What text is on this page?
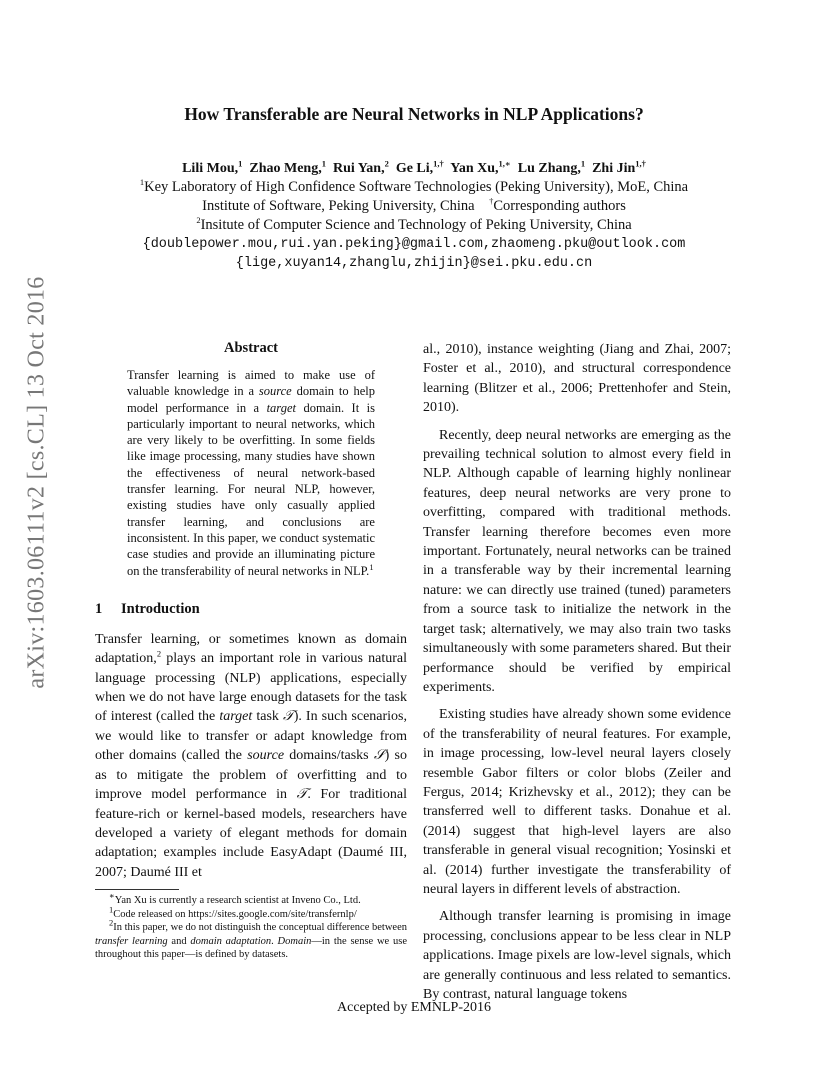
arXiv:1603.06111v2 [cs.CL] 13 Oct 2016
How Transferable are Neural Networks in NLP Applications?
Lili Mou,$^1$ Zhao Meng,$^1$ Rui Yan,$^2$ Ge Li,$^{1,\dagger}$ Yan Xu,$^{1,∗}$ Lu Zhang,$^1$ Zhi Jin$^{1,\dagger}$
$^1$Key Laboratory of High Confidence Software Technologies (Peking University), MoE, China
Institute of Software, Peking University, China †Corresponding authors
$^2$Insitute of Computer Science and Technology of Peking University, China
{doublepower.mou,rui.yan.peking}@gmail.com,zhaomeng.pku@outlook.com
{lige,xuyan14,zhanglu,zhijin}@sei.pku.edu.cn
Abstract
Transfer learning is aimed to make use of valuable knowledge in a source domain to help model performance in a target domain. It is particularly important to neural networks, which are very likely to be overfitting. In some fields like image processing, many studies have shown the effectiveness of neural network-based transfer learning. For neural NLP, however, existing studies have only casually applied transfer learning, and conclusions are inconsistent. In this paper, we conduct systematic case studies and provide an illuminating picture on the transferability of neural networks in NLP.$^1$
1 Introduction

Transfer learning, or sometimes known as domain adaptation,$^2$ plays an important role in various natural language processing (NLP) applications, especially when we do not have large enough datasets for the task of interest (called the target task 𝒯). In such scenarios, we would like to transfer or adapt knowledge from other domains (called the source domains/tasks 𝒮) so as to mitigate the problem of overfitting and to improve model performance in 𝒯. For traditional feature-rich or kernel-based models, researchers have developed a variety of elegant methods for domain adaptation; examples include EasyAdapt (Daumé III, 2007; Daumé III et

∗Yan Xu is currently a research scientist at Inveno Co., Ltd.

$^1$Code released on https://sites.google.com/site/transfernlp/

$^2$In this paper, we do not distinguish the conceptual difference between transfer learning and domain adaptation. Domain—in the sense we use throughout this paper—is defined by datasets.

al., 2010), instance weighting (Jiang and Zhai, 2007; Foster et al., 2010), and structural correspondence learning (Blitzer et al., 2006; Prettenhofer and Stein, 2010).

Recently, deep neural networks are emerging as the prevailing technical solution to almost every field in NLP. Although capable of learning highly nonlinear features, deep neural networks are very prone to overfitting, compared with traditional methods. Transfer learning therefore becomes even more important. Fortunately, neural networks can be trained in a transferable way by their incremental learning nature: we can directly use trained (tuned) parameters from a source task to initialize the network in the target task; alternatively, we may also train two tasks simultaneously with some parameters shared. But their performance should be verified by empirical experiments.

Existing studies have already shown some evidence of the transferability of neural features. For example, in image processing, low-level neural layers closely resemble Gabor filters or color blobs (Zeiler and Fergus, 2014; Krizhevsky et al., 2012); they can be transferred well to different tasks. Donahue et al. (2014) suggest that high-level layers are also transferable in general visual recognition; Yosinski et al. (2014) further investigate the transferability of neural layers in different levels of abstraction.

Although transfer learning is promising in image processing, conclusions appear to be less clear in NLP applications. Image pixels are low-level signals, which are generally continuous and less related to semantics. By contrast, natural language tokens

Accepted by EMNLP-2016
